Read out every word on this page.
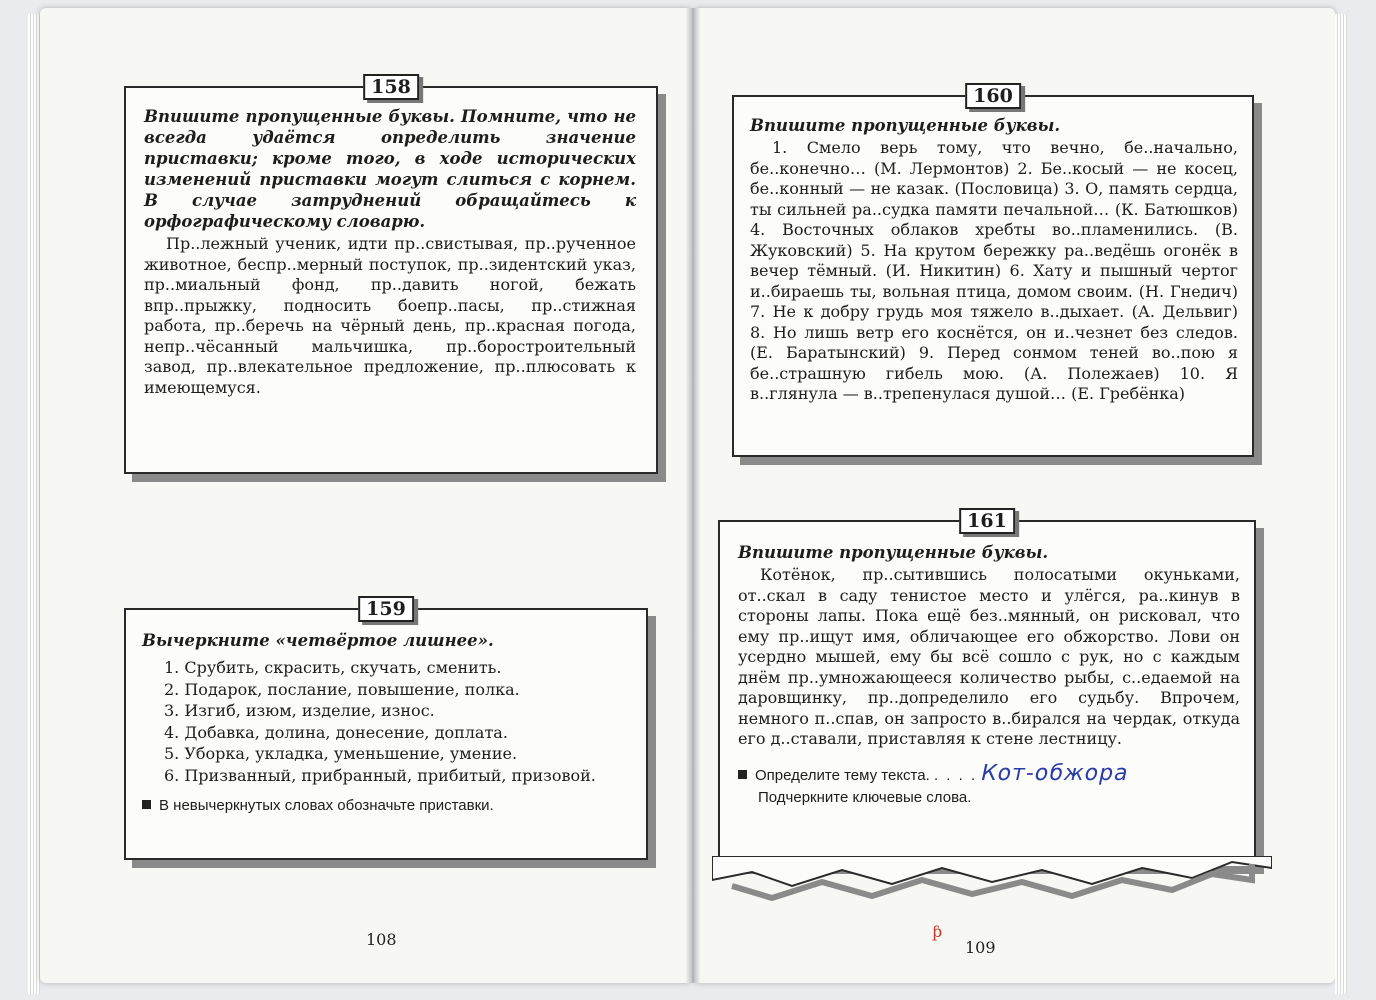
158

Впишите пропущенные буквы. Помните, что не всегда удаётся определить значение приставки; кроме того, в ходе исторических изменений приставки могут слиться с корнем. В случае затруднений обращайтесь к орфографическому словарю.

Пр..лежный ученик, идти пр..свистывая, пр..рученное животное, беспр..мерный поступок, пр..зидентский указ, пр..миальный фонд, пр..давить ногой, бежать впр..прыжку, подносить боепр..пасы, пр..стижная работа, пр..беречь на чёрный день, пр..красная погода, непр..чёсанный мальчишка, пр..боростроительный завод, пр..влекательное предложение, пр..плюсовать к имеющемуся.

159

Вычеркните «четвёртое лишнее».

1. Срубить, скрасить, скучать, сменить.
2. Подарок, послание, повышение, полка.
3. Изгиб, изюм, изделие, износ.
4. Добавка, долина, донесение, доплата.
5. Уборка, укладка, уменьшение, умение.
6. Призванный, прибранный, прибитый, призовой.
В невычеркнутых словах обозначьте приставки.
108
160

Впишите пропущенные буквы.

1. Смело верь тому, что вечно, бе..начально, бе..конечно… (М. Лермонтов) 2. Бе..косый — не косец, бе..конный — не казак. (Пословица) 3. О, память сердца, ты сильней ра..судка памяти печальной… (К. Батюшков) 4. Восточных облаков хребты во..пламенились. (В. Жуковский) 5. На крутом бережку ра..ведёшь огонёк в вечер тёмный. (И. Никитин) 6. Хату и пышный чертог и..бираешь ты, вольная птица, домом своим. (Н. Гнедич) 7. Не к добру грудь моя тяжело в..дыхает. (А. Дельвиг) 8. Но лишь ветр его коснётся, он и..чезнет без следов. (Е. Баратынский) 9. Перед сонмом теней во..пою я бе..страшную гибель мою. (А. Полежаев) 10. Я в..глянула — в..трепенулася душой… (Е. Гребёнка)

161

Впишите пропущенные буквы.

Котёнок, пр..сытившись полосатыми окуньками, от..скал в саду тенистое место и улёгся, ра..кинув в стороны лапы. Пока ещё без..мянный, он рисковал, что ему пр..ищут имя, обличающее его обжорство. Лови он усердно мышей, ему бы всё сошло с рук, но с каждым днём пр..умножающееся количество рыбы, с..едаемой на даровщинку, пр..допределило его судьбу. Впрочем, немного п..спав, он запросто в..бирался на чердак, откуда его д..ставали, приставляя к стене лестницу.

Определите тему текста. . . . . Кот-обжора
Подчеркните ключевые слова.
ƥ
109
